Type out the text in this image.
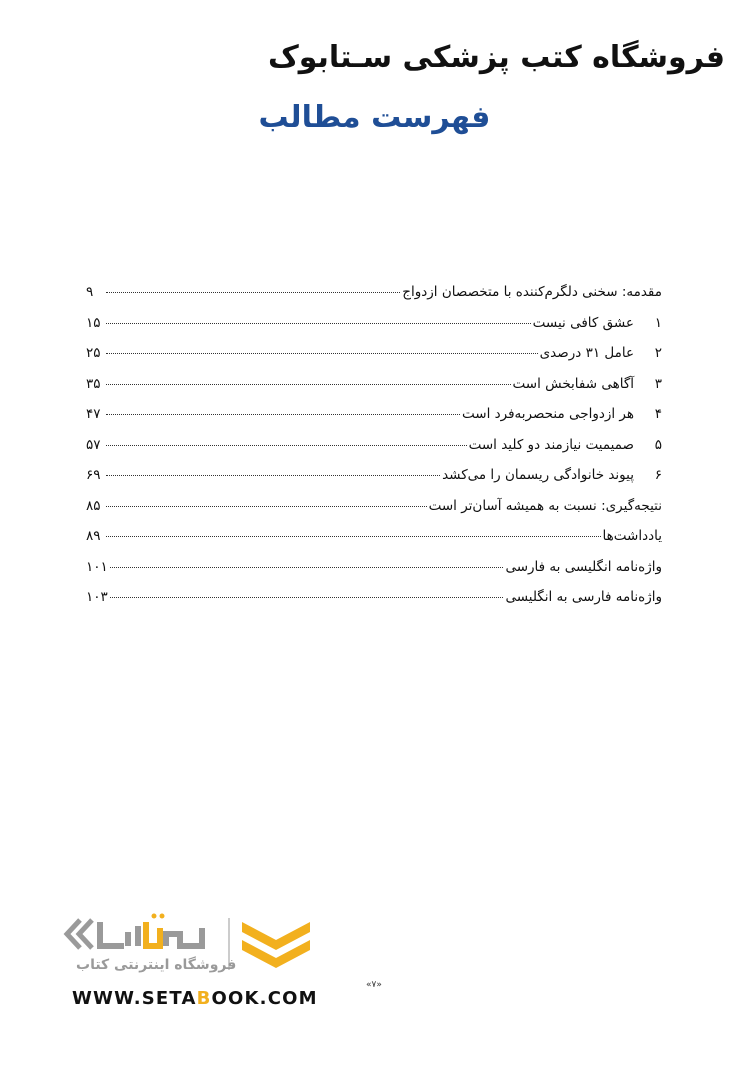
فروشگاه کتب پزشکی سـتابوک
فهرست مطالب
مقدمه: سخنی دلگرم‌کننده با متخصصان ازدواج
۹
۱
عشق کافی نیست
۱۵
۲
عامل ۳۱ درصدی
۲۵
۳
آگاهی شفابخش است
۳۵
۴
هر ازدواجی منحصربه‌فرد است
۴۷
۵
صمیمیت نیازمند دو کلید است
۵۷
۶
پیوند خانوادگی ریسمان را می‌کشد
۶۹
نتیجه‌گیری: نسبت به همیشه آسان‌تر است
۸۵
یادداشت‌ها
۸۹
واژه‌نامه انگلیسی به فارسی
۱۰۱
واژه‌نامه فارسی به انگلیسی
۱۰۳
فروشگاه اینترنتی کتاب
WWW.SETABOOK.COM
«۷»
